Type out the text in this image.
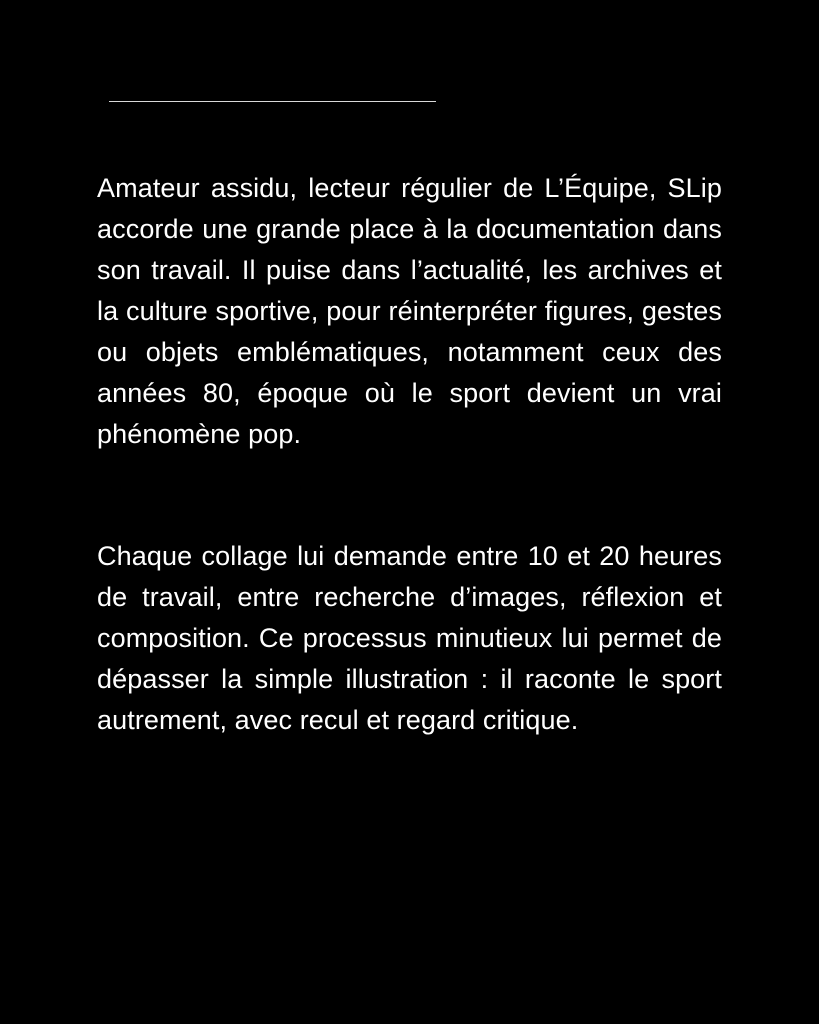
Amateur assidu, lecteur régulier de L’Équipe, SLip accorde une grande place à la documentation dans son travail. Il puise dans l’actualité, les archives et la culture sportive, pour réinterpréter figures, gestes ou objets emblématiques, notamment ceux des années 80, époque où le sport devient un vrai phénomène pop.

Chaque collage lui demande entre 10 et 20 heures de travail, entre recherche d’images, réflexion et composition. Ce processus minutieux lui permet de dépasser la simple illustration : il raconte le sport autrement, avec recul et regard critique.
